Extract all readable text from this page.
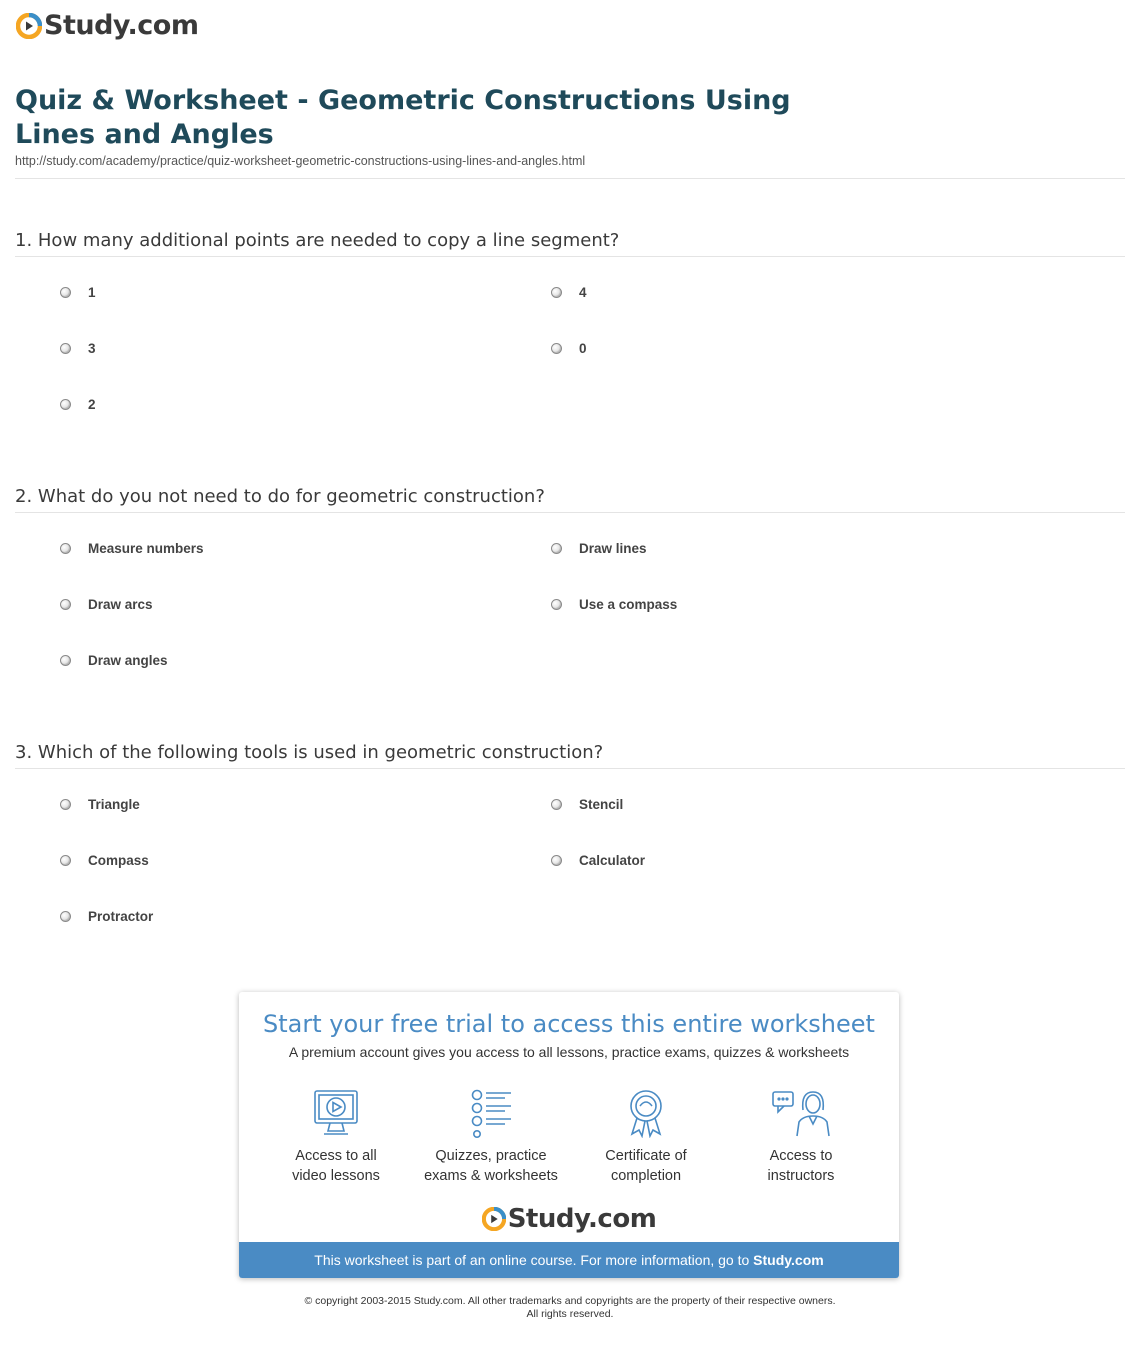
Study.com
Quiz & Worksheet - Geometric Constructions Using Lines and Angles
http://study.com/academy/practice/quiz-worksheet-geometric-constructions-using-lines-and-angles.html
1. How many additional points are needed to copy a line segment?
1	4
3	0
2
2. What do you not need to do for geometric construction?
Measure numbers	Draw lines
Draw arcs	Use a compass
Draw angles
3. Which of the following tools is used in geometric construction?
Triangle	Stencil
Compass	Calculator
Protractor
Start your free trial to access this entire worksheet
A premium account gives you access to all lessons, practice exams, quizzes & worksheets
Access to all
video lessons
Quizzes, practice
exams & worksheets
Certificate of
completion
Access to
instructors
Study.com
This worksheet is part of an online course. For more information, go to Study.com
© copyright 2003-2015 Study.com. All other trademarks and copyrights are the property of their respective owners.
All rights reserved.
